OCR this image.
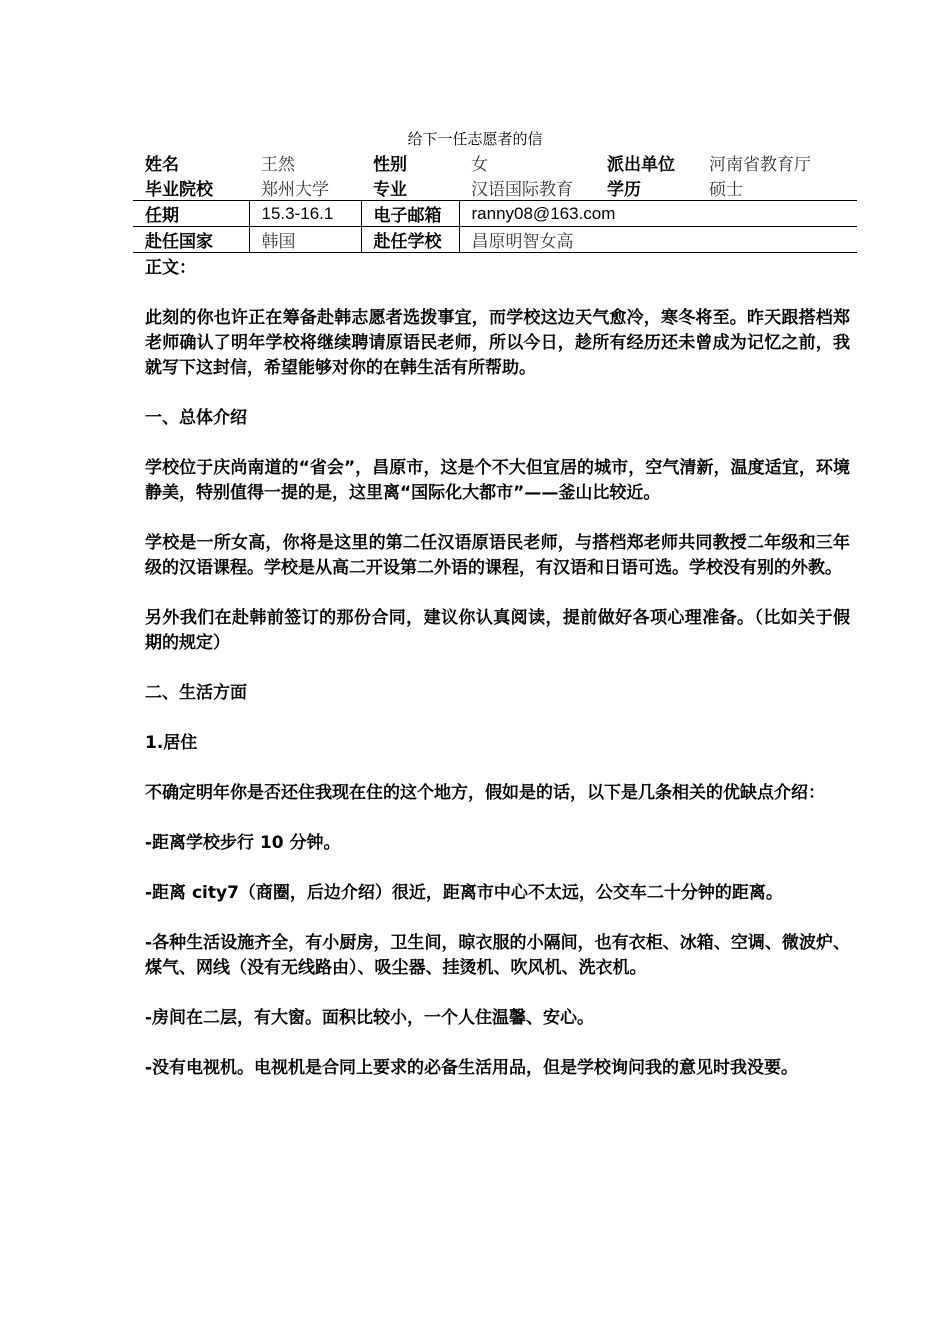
给下一任志愿者的信
姓名	王然	性别	女	派出单位	河南省教育厅
毕业院校	郑州大学	专业	汉语国际教育	学历	硕士
任期	15.3-16.1	电子邮箱	ranny08@163.com		
赴任国家	韩国	赴任学校	昌原明智女高		

正文：

此刻的你也许正在筹备赴韩志愿者选拨事宜，而学校这边天气愈冷，寒冬将至。昨天跟搭档郑老师确认了明年学校将继续聘请原语民老师，所以今日，趁所有经历还未曾成为记忆之前，我就写下这封信，希望能够对你的在韩生活有所帮助。

一、总体介绍

学校位于庆尚南道的“省会”，昌原市，这是个不大但宜居的城市，空气清新，温度适宜，环境静美，特别值得一提的是，这里离“国际化大都市”——釜山比较近。

学校是一所女高，你将是这里的第二任汉语原语民老师，与搭档郑老师共同教授二年级和三年级的汉语课程。学校是从高二开设第二外语的课程，有汉语和日语可选。学校没有别的外教。

另外我们在赴韩前签订的那份合同，建议你认真阅读，提前做好各项心理准备。（比如关于假期的规定）

二、生活方面

1.居住

不确定明年你是否还住我现在住的这个地方，假如是的话，以下是几条相关的优缺点介绍：

-距离学校步行 10 分钟。

-距离 city7（商圈，后边介绍）很近，距离市中心不太远，公交车二十分钟的距离。

-各种生活设施齐全，有小厨房，卫生间，晾衣服的小隔间，也有衣柜、冰箱、空调、微波炉、煤气、网线（没有无线路由）、吸尘器、挂烫机、吹风机、洗衣机。

-房间在二层，有大窗。面积比较小，一个人住温馨、安心。

-没有电视机。电视机是合同上要求的必备生活用品，但是学校询问我的意见时我没要。
